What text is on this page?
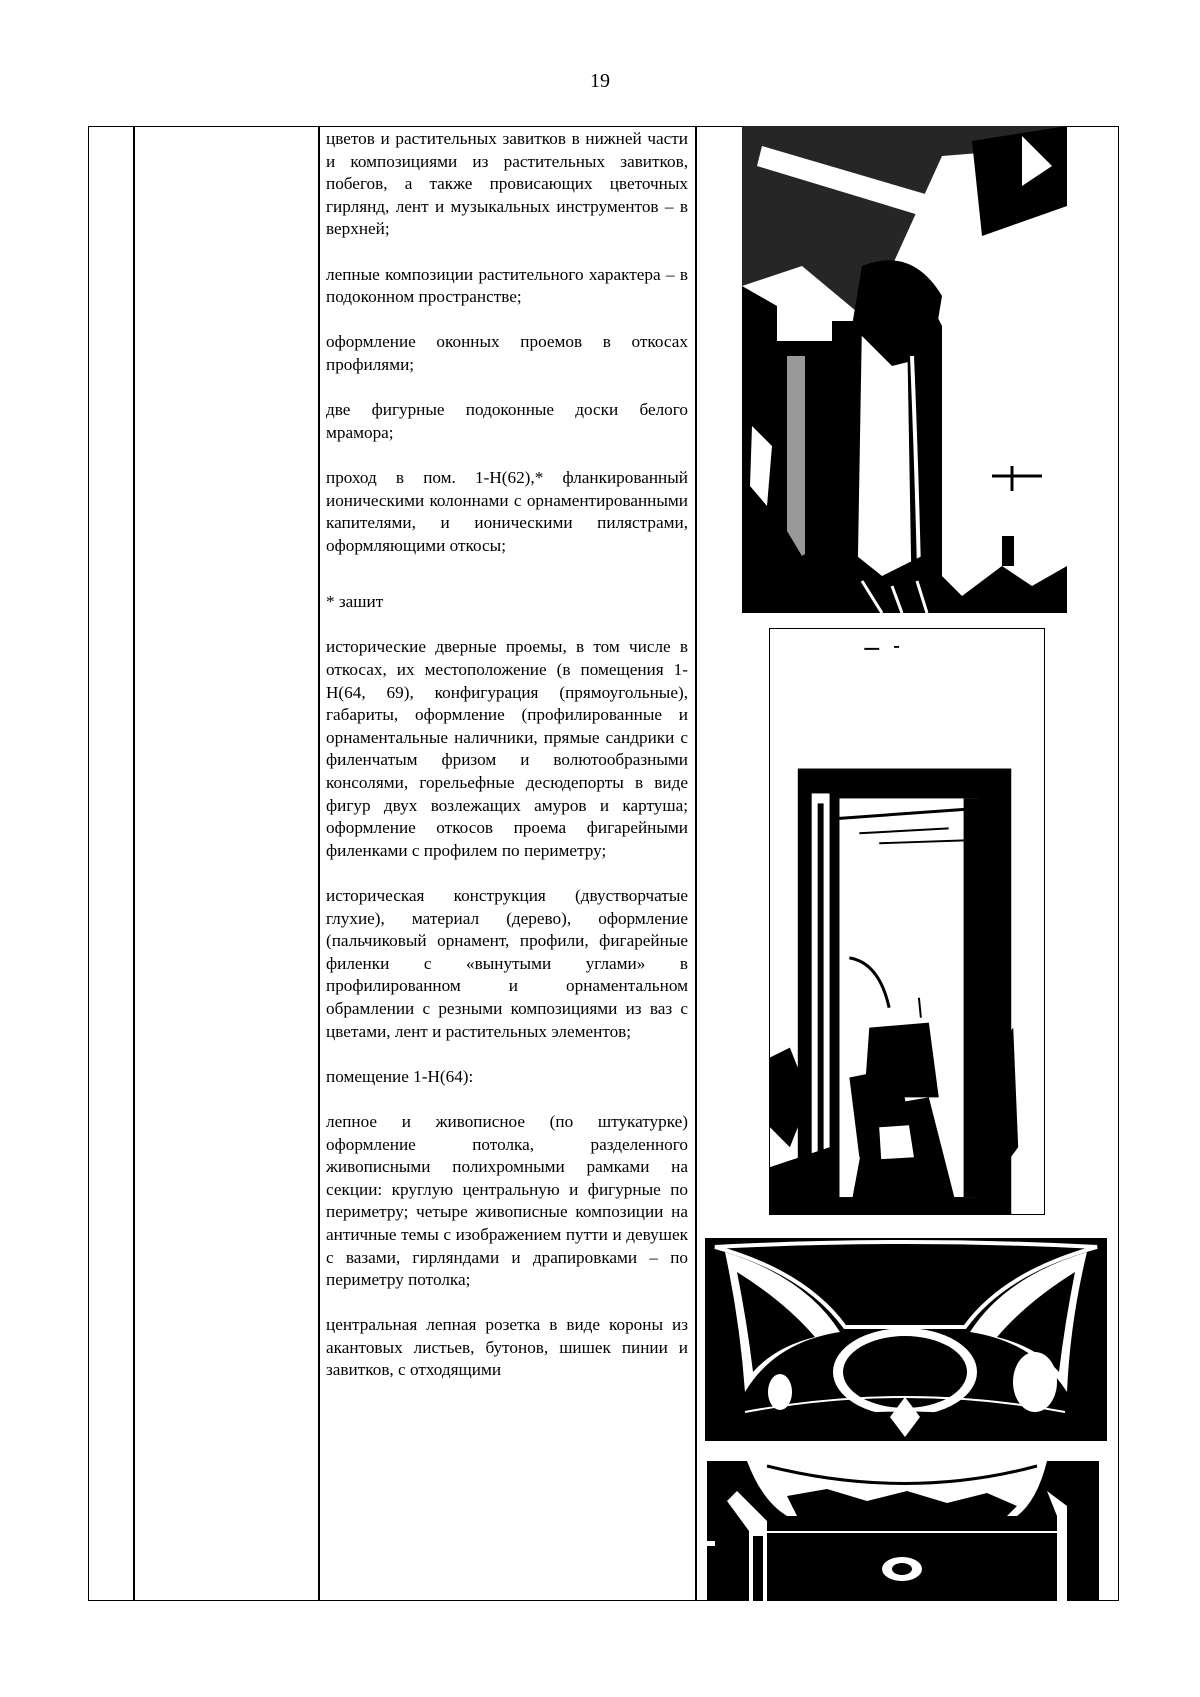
19

цветов и растительных завитков в нижней части и композициями из растительных завитков, побегов, а также провисающих цветочных гирлянд, лент и музыкальных инструментов – в верхней;

лепные композиции растительного характера – в подоконном пространстве;

оформление оконных проемов в откосах профилями;

две фигурные подоконные доски белого мрамора;

проход в пом. 1-Н(62),* фланкированный ионическими колоннами с орнаментированными капителями, и ионическими пилястрами, оформляющими откосы;

* зашит

исторические дверные проемы, в том числе в откосах, их местоположение (в помещения 1-Н(64, 69), конфигурация (прямоугольные), габариты, оформление (профилированные и орнаментальные наличники, прямые сандрики с филенчатым фризом и волютообразными консолями, горельефные десюдепорты в виде фигур двух возлежащих амуров и картуша; оформление откосов проема фигарейными филенками с профилем по периметру;

историческая конструкция (двустворчатые глухие), материал (дерево), оформление (пальчиковый орнамент, профили, фигарейные филенки с «вынутыми углами» в профилированном и орнаментальном обрамлении с резными композициями из ваз с цветами, лент и растительных элементов;

помещение 1-Н(64):

лепное и живописное (по штукатурке) оформление потолка, разделенного живописными полихромными рамками на секции: круглую центральную и фигурные по периметру; четыре живописные композиции на античные темы с изображением путти и девушек с вазами, гирляндами и драпировками – по периметру потолка;

центральная лепная розетка в виде короны из акантовых листьев, бутонов, шишек пинии и завитков, с отходящими
